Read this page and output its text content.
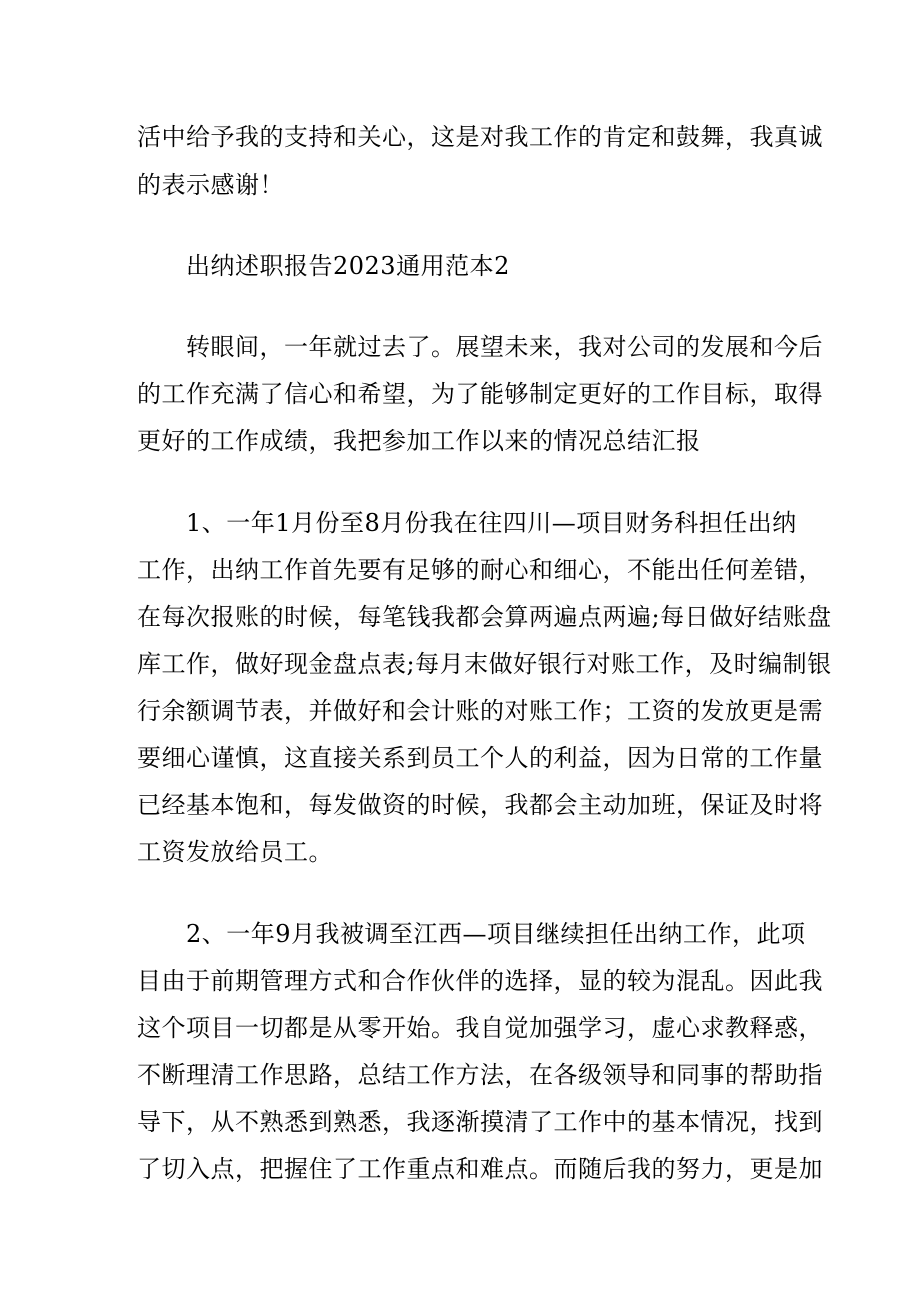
活中给予我的支持和关心，这是对我工作的肯定和鼓舞，我真诚
的表示感谢！
出纳述职报告2023通用范本2
转眼间，一年就过去了。展望未来，我对公司的发展和今后
的工作充满了信心和希望，为了能够制定更好的工作目标，取得
更好的工作成绩，我把参加工作以来的情况总结汇报
1、一年1月份至8月份我在往四川—项目财务科担任出纳
工作，出纳工作首先要有足够的耐心和细心，不能出任何差错，
在每次报账的时候，每笔钱我都会算两遍点两遍;每日做好结账盘
库工作，做好现金盘点表;每月末做好银行对账工作，及时编制银
行余额调节表，并做好和会计账的对账工作；工资的发放更是需
要细心谨慎，这直接关系到员工个人的利益，因为日常的工作量
已经基本饱和，每发做资的时候，我都会主动加班，保证及时将
工资发放给员工。
2、一年9月我被调至江西—项目继续担任出纳工作，此项
目由于前期管理方式和合作伙伴的选择，显的较为混乱。因此我
这个项目一切都是从零开始。我自觉加强学习，虚心求教释惑，
不断理清工作思路，总结工作方法，在各级领导和同事的帮助指
导下，从不熟悉到熟悉，我逐渐摸清了工作中的基本情况，找到
了切入点，把握住了工作重点和难点。而随后我的努力，更是加
